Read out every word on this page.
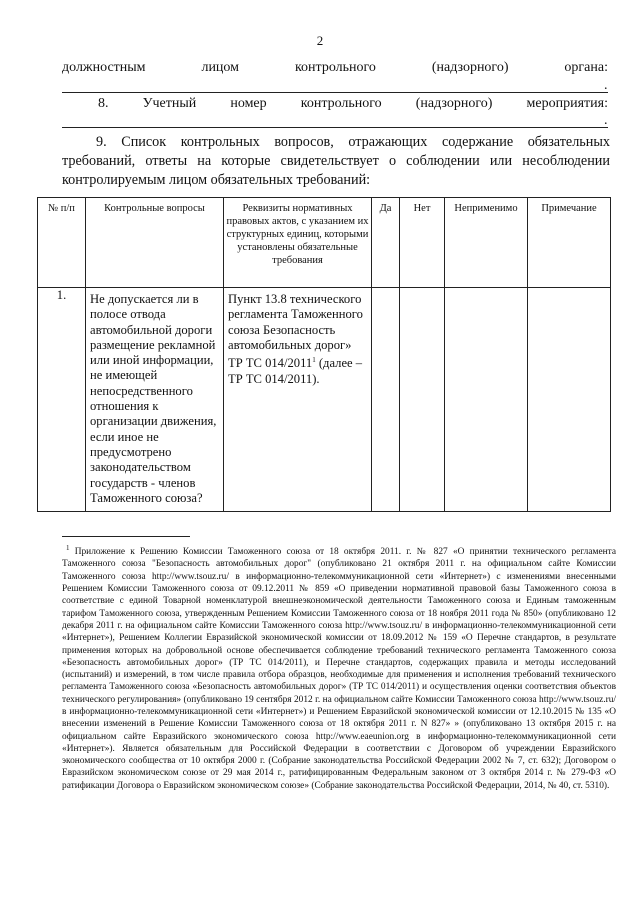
2
должностным	лицом	контрольного	(надзорного)	органа:
.
8. Учетный номер контрольного (надзорного) мероприятия:
.
9. Список контрольных вопросов, отражающих содержание обязательных требований, ответы на которые свидетельствует о соблюдении или несоблюдении контролируемым лицом обязательных требований:
№ п/п	Контрольные вопросы	Реквизиты нормативных правовых актов, с указанием их структурных единиц, которыми установлены обязательные требования	Да	Нет	Неприменимо	Примечание
1.	Не допускается ли в полосе отвода автомобильной дороги размещение рекламной или иной информации, не имеющей непосредственного отношения к организации движения, если иное не предусмотрено законодательством государств - членов Таможенного союза?	Пункт 13.8 технического регламента Таможенного союза Безопасность автомобильных дорог» ТР ТС 014/2011$^1$ (далее – ТР ТС 014/2011).				

$^1$ Приложение к Решению Комиссии Таможенного союза от 18 октября 2011. г. № 827 «О принятии технического регламента Таможенного союза "Безопасность автомобильных дорог" (опубликовано 21 октября 2011 г. на официальном сайте Комиссии Таможенного союза http://www.tsouz.ru/ в информационно-телекоммуникационной сети «Интернет») с изменениями внесенными Решением Комиссии Таможенного союза от 09.12.2011 № 859 «О приведении нормативной правовой базы Таможенного союза в соответствие с единой Товарной номенклатурой внешнеэкономической деятельности Таможенного союза и Единым таможенным тарифом Таможенного союза, утвержденным Решением Комиссии Таможенного союза от 18 ноября 2011 года № 850» (опубликовано 12 декабря 2011 г. на официальном сайте Комиссии Таможенного союза http://www.tsouz.ru/ в информационно-телекоммуникационной сети «Интернет»), Решением Коллегии Евразийской экономической комиссии от 18.09.2012 № 159 «О Перечне стандартов, в результате применения которых на добровольной основе обеспечивается соблюдение требований технического регламента Таможенного союза «Безопасность автомобильных дорог» (ТР ТС 014/2011), и Перечне стандартов, содержащих правила и методы исследований (испытаний) и измерений, в том числе правила отбора образцов, необходимые для применения и исполнения требований технического регламента Таможенного союза «Безопасность автомобильных дорог» (ТР ТС 014/2011) и осуществления оценки соответствия объектов технического регулирования» (опубликовано 19 сентября 2012 г. на официальном сайте Комиссии Таможенного союза http://www.tsouz.ru/ в информационно-телекоммуникационной сети «Интернет») и Решением Евразийской экономической комиссии от 12.10.2015 № 135 «О внесении изменений в Решение Комиссии Таможенного союза от 18 октября 2011 г. N 827» » (опубликовано 13 октября 2015 г. на официальном сайте Евразийского экономического союза http://www.eaeunion.org в информационно-телекоммуникационной сети «Интернет»). Является обязательным для Российской Федерации в соответствии с Договором об учреждении Евразийского экономического сообщества от 10 октября 2000 г. (Собрание законодательства Российской Федерации 2002 № 7, ст. 632); Договором о Евразийском экономическом союзе от 29 мая 2014 г., ратифицированным Федеральным законом от 3 октября 2014 г. № 279-ФЗ «О ратификации Договора о Евразийском экономическом союзе» (Собрание законодательства Российской Федерации, 2014, № 40, ст. 5310).
